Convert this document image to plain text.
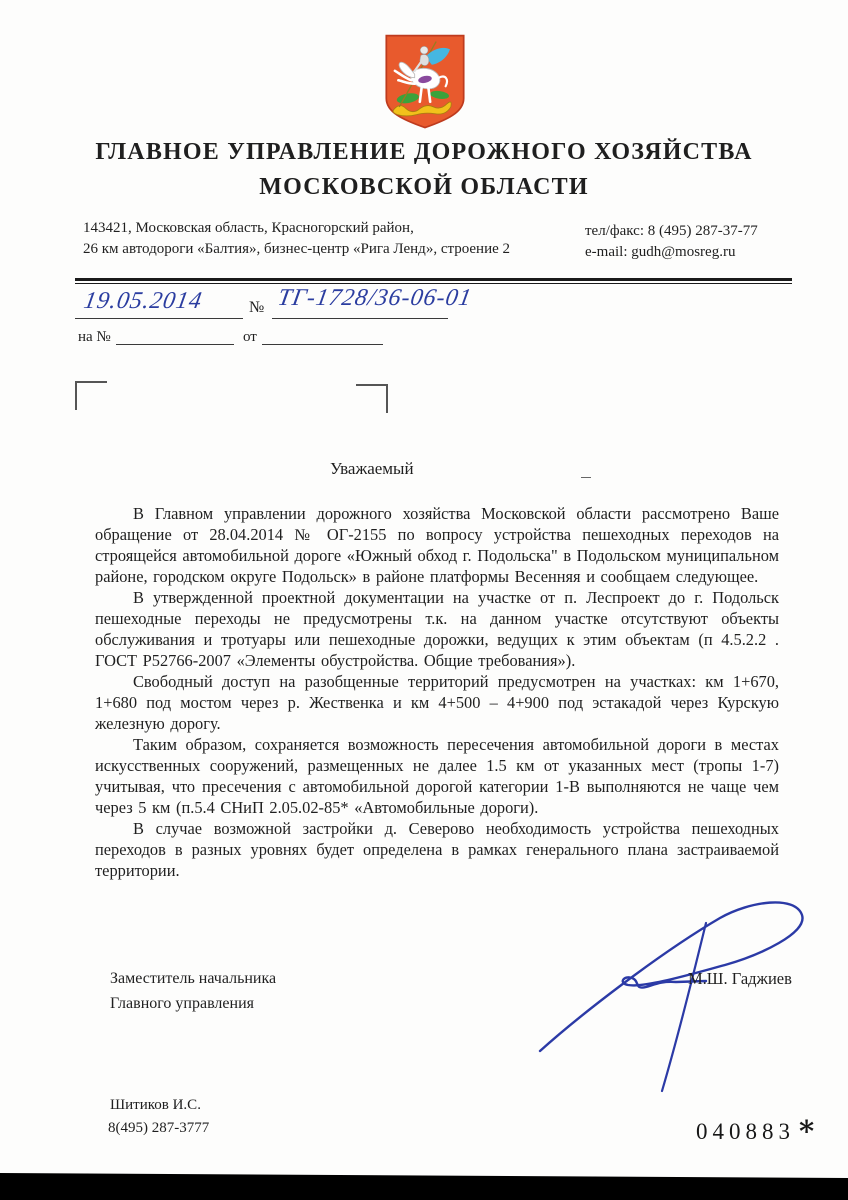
ГЛАВНОЕ УПРАВЛЕНИЕ ДОРОЖНОГО ХОЗЯЙСТВА
МОСКОВСКОЙ ОБЛАСТИ
143421, Московская область, Красногорский район,
26 км автодороги «Балтия», бизнес-центр «Рига Ленд», строение 2
тел/факс: 8 (495) 287-37-77
e-mail: gudh@mosreg.ru
19.05.2014	№ ТГ-1728/36-06-01
на №	от
Уважаемый

В Главном управлении дорожного хозяйства Московской области рассмотрено Ваше обращение от 28.04.2014 № ОГ-2155 по вопросу устройства пешеходных переходов на строящейся автомобильной дороге «Южный обход г. Подольска" в Подольском муниципальном районе, городском округе Подольск» в районе платформы Весенняя и сообщаем следующее.

В утвержденной проектной документации на участке от п. Леспроект до г. Подольск пешеходные переходы не предусмотрены т.к. на данном участке отсутствуют объекты обслуживания и тротуары или пешеходные дорожки, ведущих к этим объектам (п 4.5.2.2 . ГОСТ Р52766-2007 «Элементы обустройства. Общие требования»).

Свободный доступ на разобщенные территорий предусмотрен на участках: км 1+670, 1+680 под мостом через р. Жественка и км 4+500 – 4+900 под эстакадой через Курскую железную дорогу.

Таким образом, сохраняется возможность пересечения автомобильной дороги в местах искусственных сооружений, размещенных не далее 1.5 км от указанных мест (тропы 1-7) учитывая, что пресечения с автомобильной дорогой категории 1-В выполняются не чаще чем через 5 км (п.5.4 СНиП 2.05.02-85* «Автомобильные дороги).

В случае возможной застройки д. Северово необходимость устройства пешеходных переходов в разных уровнях будет определена в рамках генерального плана застраиваемой территории.

Заместитель начальника
Главного управления
М.Ш. Гаджиев
Шитиков И.С.
8(495) 287-3777	040883 *
